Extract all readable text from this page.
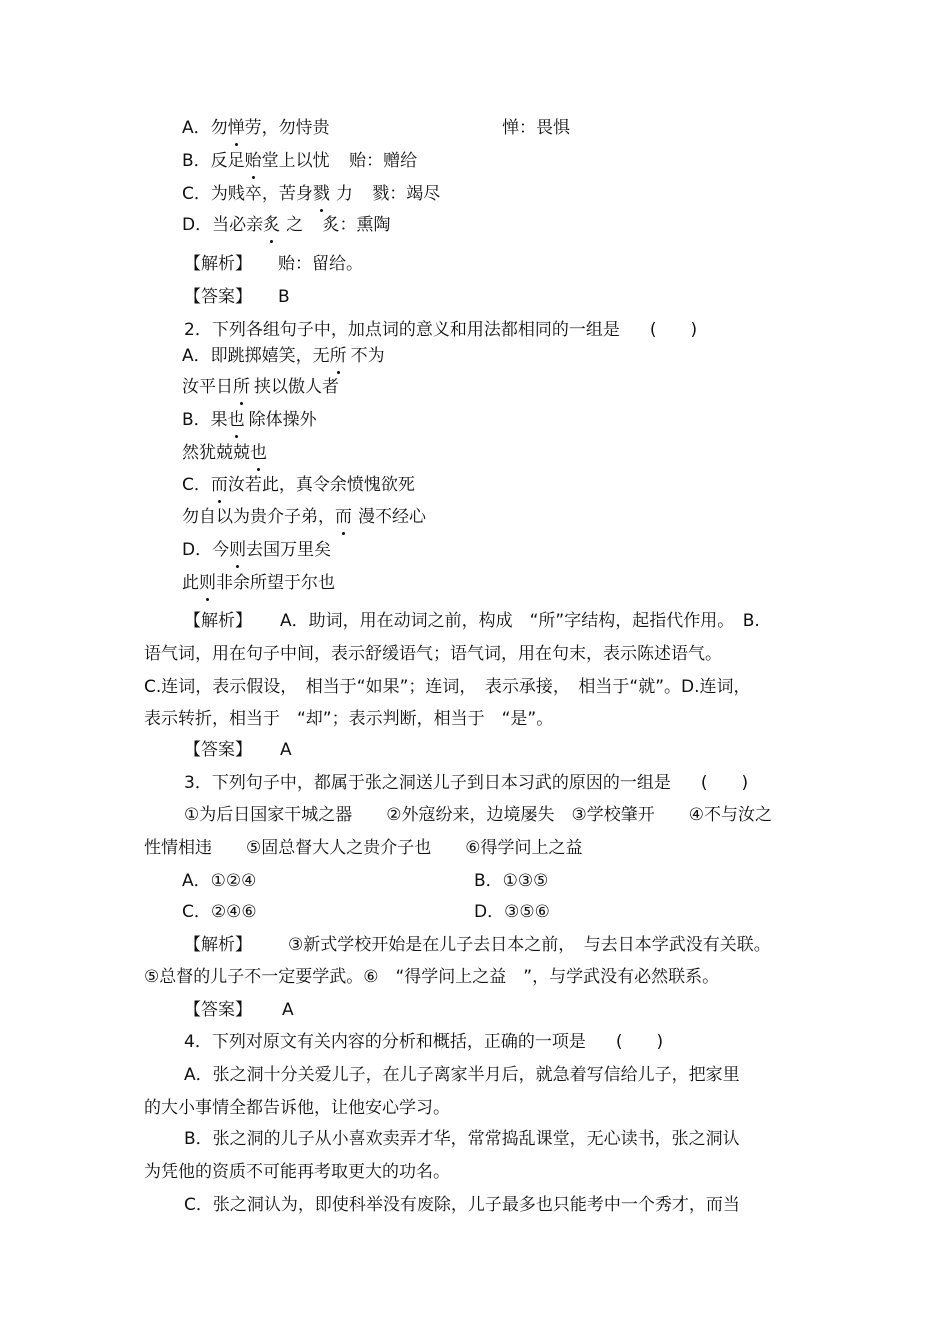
A．勿惮劳，勿恃贵	惮：畏惧
B．反足贻堂上以忧 贻：赠给
C．为贱卒，苦身戮 力 戮：竭尽
D．当必亲炙 之 炙：熏陶
【解析】 贻：留给。
【答案】 B
2．下列各组句子中，加点词的意义和用法都相同的一组是 (　　)
A．即跳掷嬉笑，无所 不为
汝平日所 挟以傲人者
B．果也 除体操外
然犹兢兢也
C．而汝若此，真令余愤愧欲死
勿自以为贵介子弟，而 漫不经心
D．今则去国万里矣
此则非余所望于尔也
【解析】 A．助词，用在动词之前，构成　“所”字结构，起指代作用。　B.
语气词，用在句子中间，表示舒缓语气；语气词，用在句末，表示陈述语气。
C.连词，表示假设，　相当于“如果”；连词，　表示承接，　相当于“就”。D.连词，
表示转折，相当于　“却”；表示判断，相当于　“是”。
【答案】 A
3．下列句子中，都属于张之洞送儿子到日本习武的原因的一组是 (　　)
①为后日国家干城之器　　②外寇纷来，边境屡失　③学校肇开　　④不与汝之
性情相违　　⑤固总督大人之贵介子也　　⑥得学问上之益
A．①②④	B．①③⑤
C．②④⑥	D．③⑤⑥
【解析】 ③新式学校开始是在儿子去日本之前，　与去日本学武没有关联。
⑤总督的儿子不一定要学武。⑥　“得学问上之益　”，与学武没有必然联系。
【答案】 A
4．下列对原文有关内容的分析和概括，正确的一项是 (　　)
A．张之洞十分关爱儿子，在儿子离家半月后，就急着写信给儿子，把家里
的大小事情全都告诉他，让他安心学习。
B．张之洞的儿子从小喜欢卖弄才华，常常捣乱课堂，无心读书，张之洞认
为凭他的资质不可能再考取更大的功名。
C．张之洞认为，即使科举没有废除，儿子最多也只能考中一个秀才，而当
